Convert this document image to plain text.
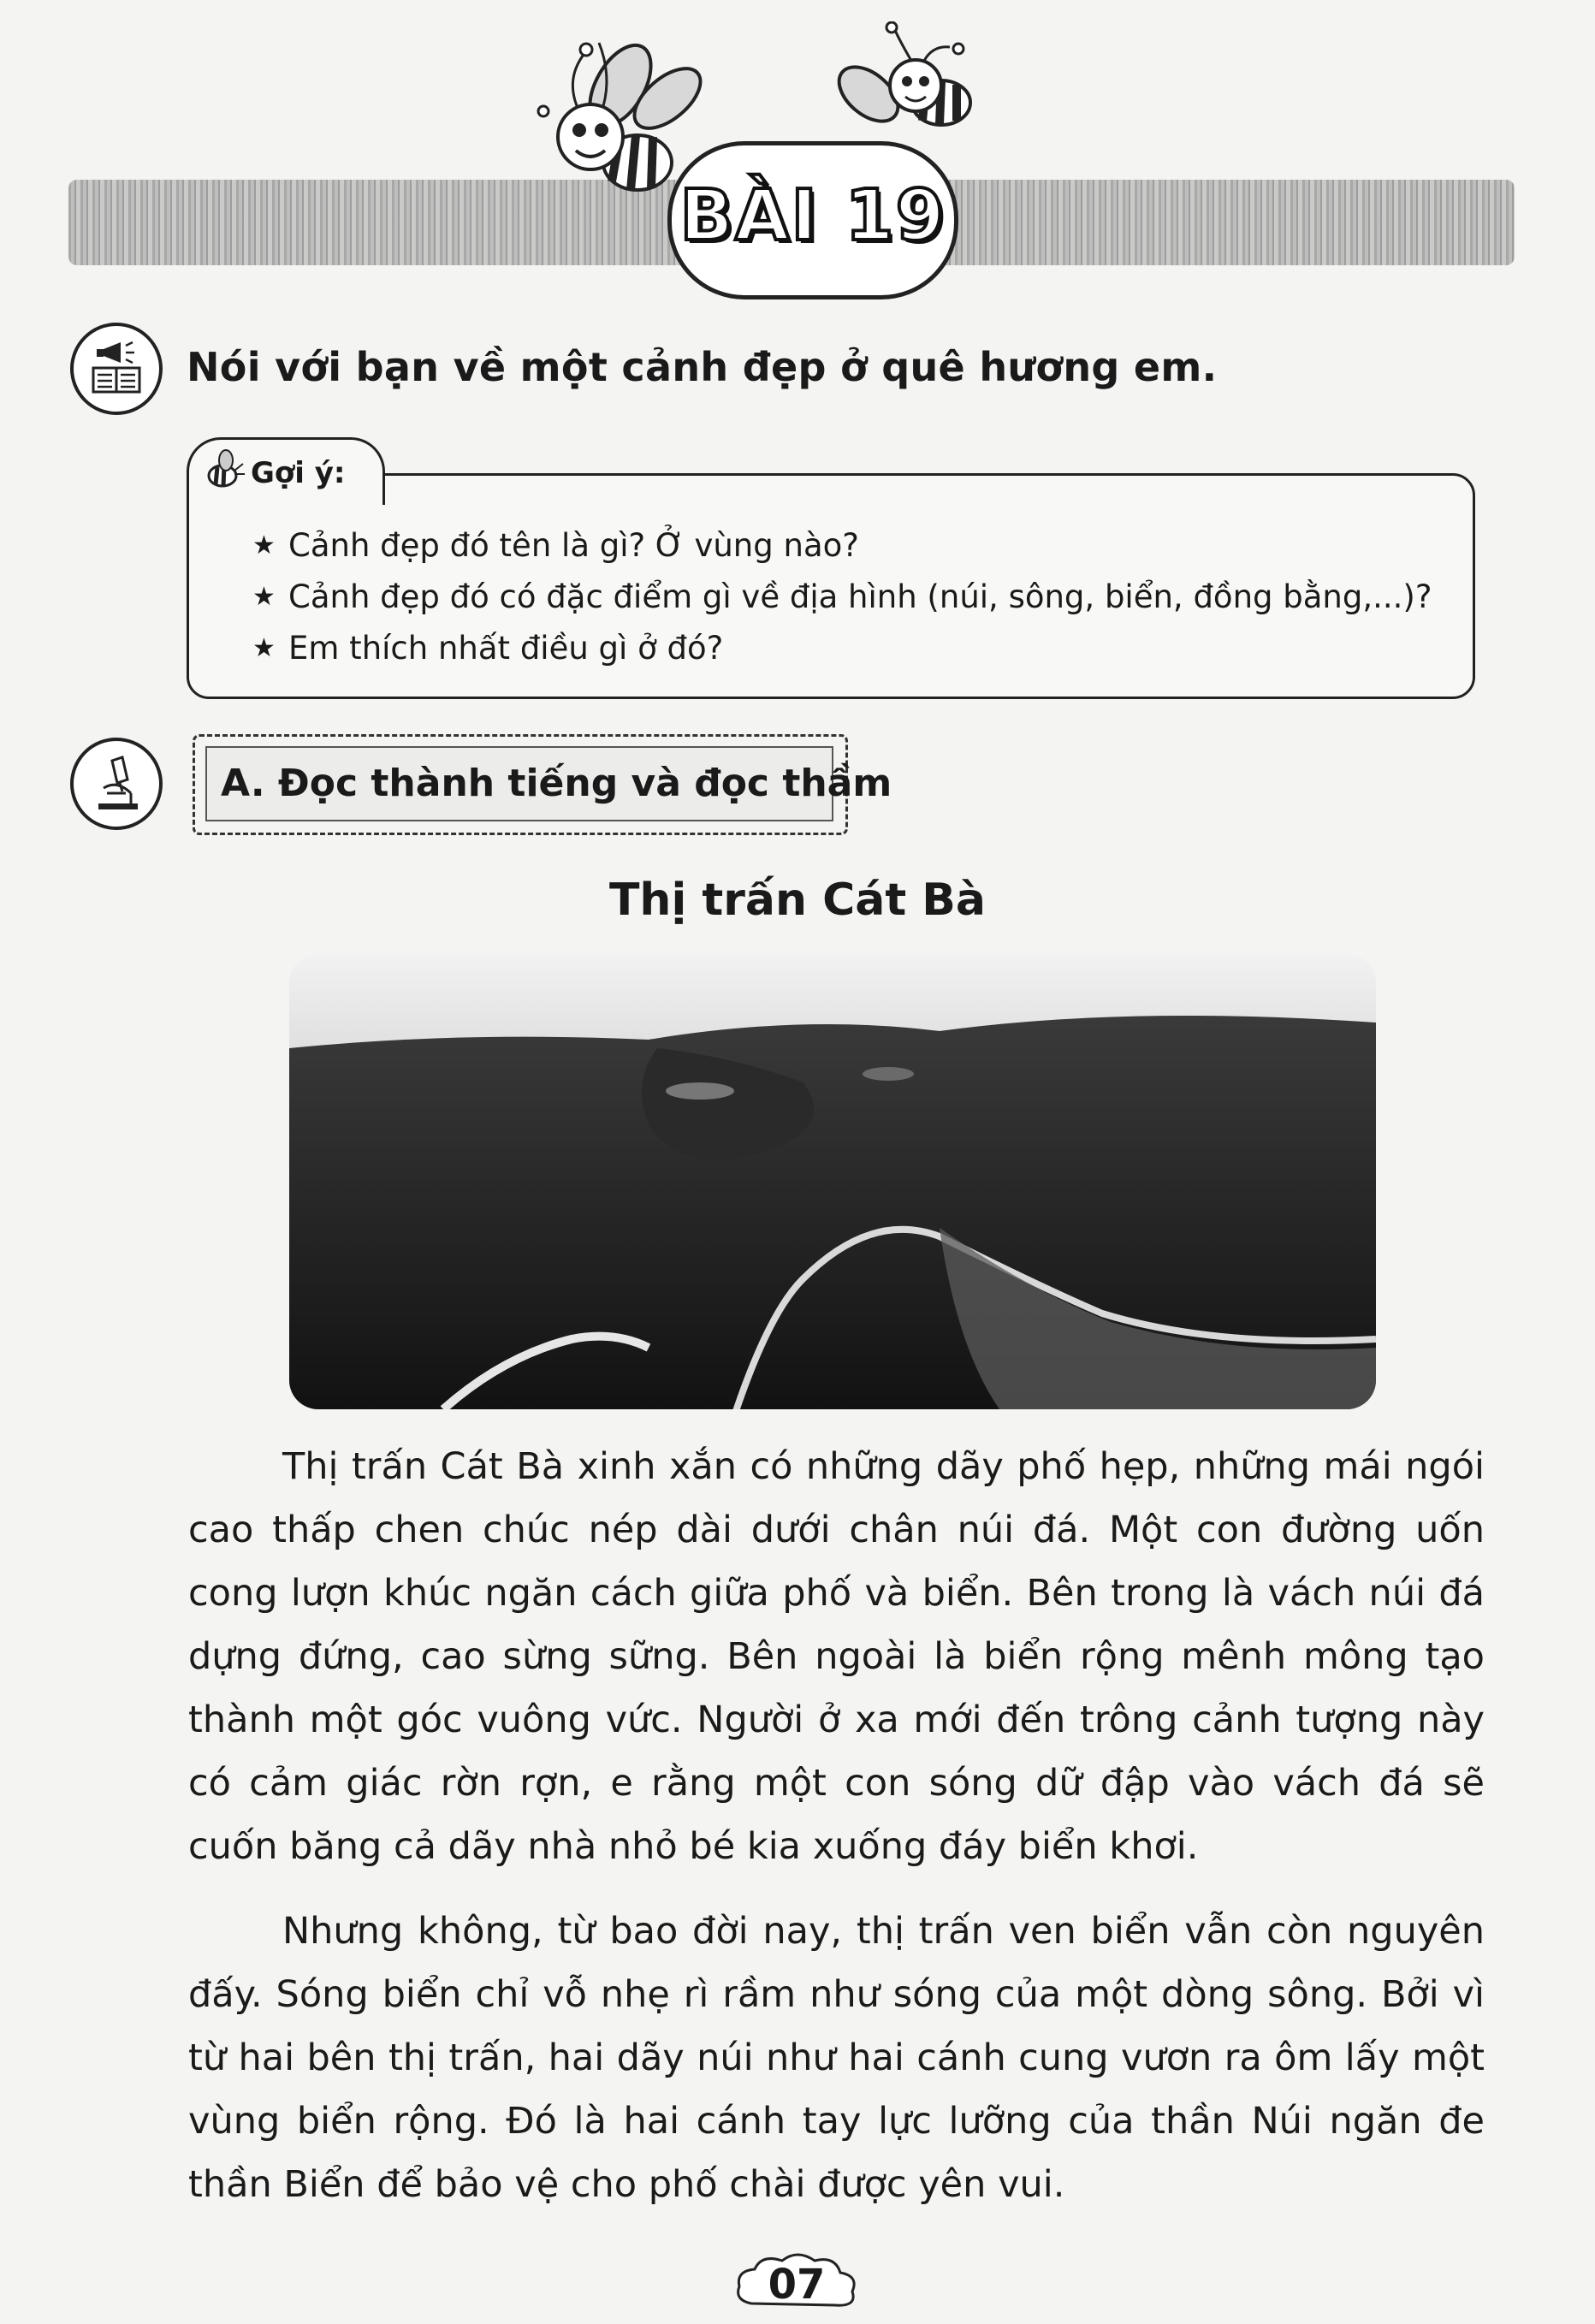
BÀI 19
Nói với bạn về một cảnh đẹp ở quê hương em.
Gợi ý:
★ Cảnh đẹp đó tên là gì? Ở vùng nào?
★ Cảnh đẹp đó có đặc điểm gì về địa hình (núi, sông, biển, đồng bằng,...)?
★ Em thích nhất điều gì ở đó?
A. Đọc thành tiếng và đọc thầm
Thị trấn Cát Bà

Thị trấn Cát Bà xinh xắn có những dãy phố hẹp, những mái ngói cao thấp chen chúc nép dài dưới chân núi đá. Một con đường uốn cong lượn khúc ngăn cách giữa phố và biển. Bên trong là vách núi đá dựng đứng, cao sừng sững. Bên ngoài là biển rộng mênh mông tạo thành một góc vuông vức. Người ở xa mới đến trông cảnh tượng này có cảm giác rờn rợn, e rằng một con sóng dữ đập vào vách đá sẽ cuốn băng cả dãy nhà nhỏ bé kia xuống đáy biển khơi.

Nhưng không, từ bao đời nay, thị trấn ven biển vẫn còn nguyên đấy. Sóng biển chỉ vỗ nhẹ rì rầm như sóng của một dòng sông. Bởi vì từ hai bên thị trấn, hai dãy núi như hai cánh cung vươn ra ôm lấy một vùng biển rộng. Đó là hai cánh tay lực lưỡng của thần Núi ngăn đe thần Biển để bảo vệ cho phố chài được yên vui.

07
